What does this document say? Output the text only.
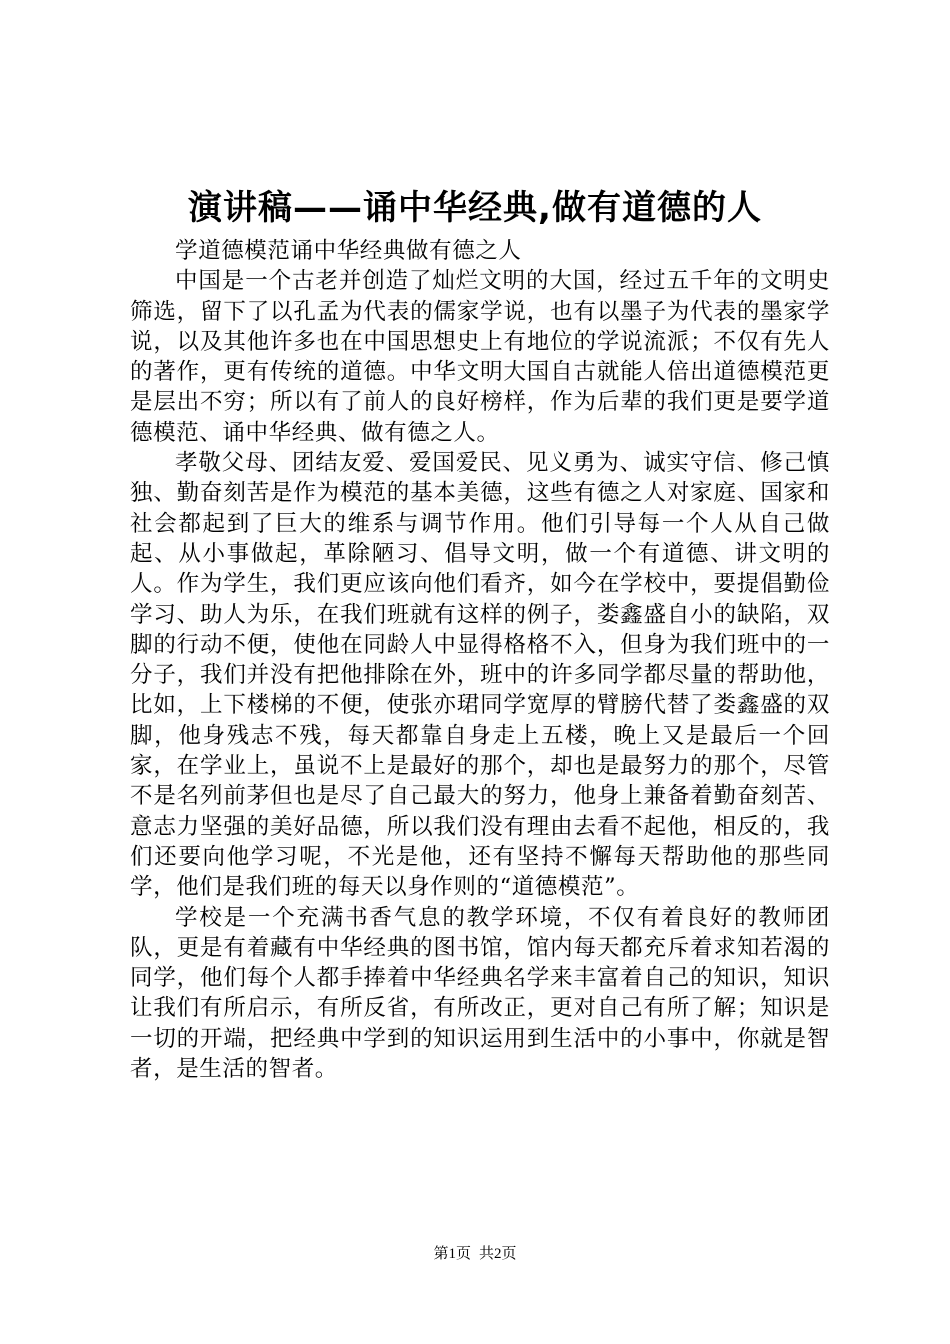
演讲稿——诵中华经典,做有道德的人

学道德模范诵中华经典做有德之人

中国是一个古老并创造了灿烂文明的大国，经过五千年的文明史筛选，留下了以孔孟为代表的儒家学说，也有以墨子为代表的墨家学说，以及其他许多也在中国思想史上有地位的学说流派；不仅有先人的著作，更有传统的道德。中华文明大国自古就能人倍出道德模范更是层出不穷；所以有了前人的良好榜样，作为后辈的我们更是要学道德模范、诵中华经典、做有德之人。

孝敬父母、团结友爱、爱国爱民、见义勇为、诚实守信、修己慎独、勤奋刻苦是作为模范的基本美德，这些有德之人对家庭、国家和社会都起到了巨大的维系与调节作用。他们引导每一个人从自己做起、从小事做起，革除陋习、倡导文明，做一个有道德、讲文明的人。作为学生，我们更应该向他们看齐，如今在学校中，要提倡勤俭学习、助人为乐，在我们班就有这样的例子，娄鑫盛自小的缺陷，双脚的行动不便，使他在同龄人中显得格格不入，但身为我们班中的一分子，我们并没有把他排除在外，班中的许多同学都尽量的帮助他，比如，上下楼梯的不便，使张亦珺同学宽厚的臂膀代替了娄鑫盛的双脚，他身残志不残，每天都靠自身走上五楼，晚上又是最后一个回家，在学业上，虽说不上是最好的那个，却也是最努力的那个，尽管不是名列前茅但也是尽了自己最大的努力，他身上兼备着勤奋刻苦、意志力坚强的美好品德，所以我们没有理由去看不起他，相反的，我们还要向他学习呢，不光是他，还有坚持不懈每天帮助他的那些同学，他们是我们班的每天以身作则的“道德模范”。

学校是一个充满书香气息的教学环境，不仅有着良好的教师团队，更是有着藏有中华经典的图书馆，馆内每天都充斥着求知若渴的同学，他们每个人都手捧着中华经典名学来丰富着自己的知识，知识让我们有所启示，有所反省，有所改正，更对自己有所了解；知识是一切的开端，把经典中学到的知识运用到生活中的小事中，你就是智者，是生活的智者。

第1页 共2页
